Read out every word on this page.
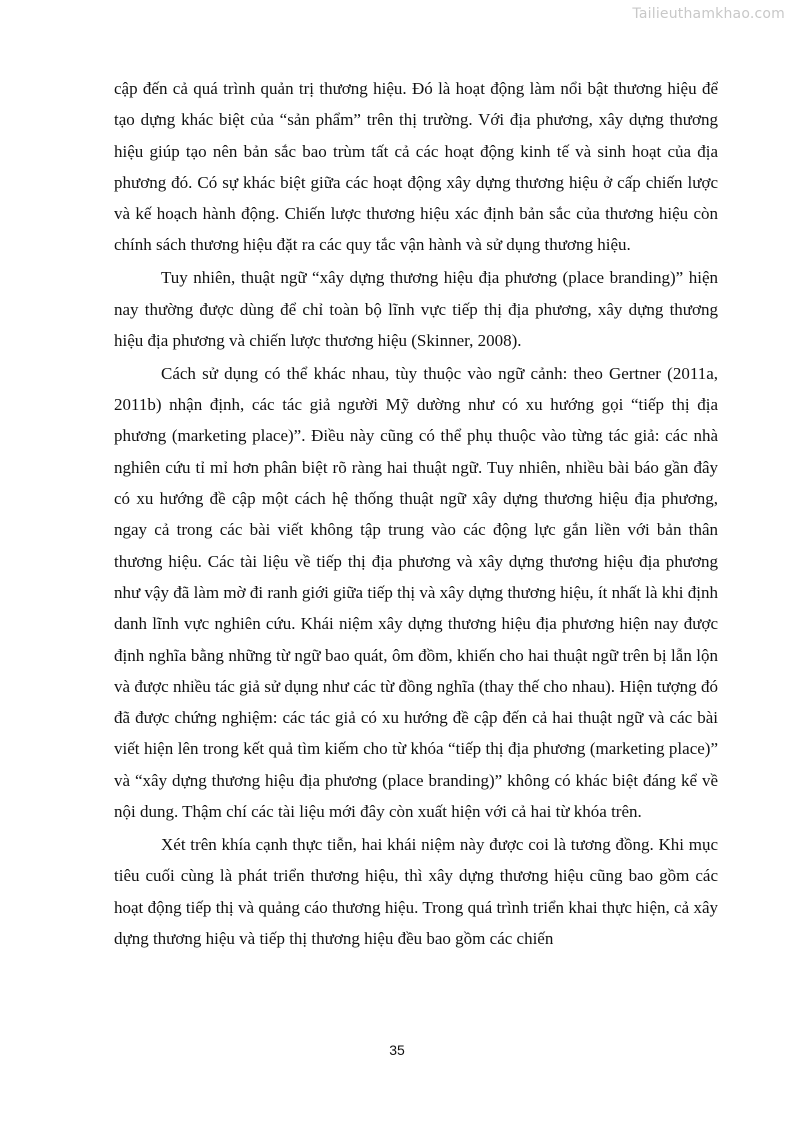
Tailieuthamkhao.com

cập đến cả quá trình quản trị thương hiệu. Đó là hoạt động làm nổi bật thương hiệu để tạo dựng khác biệt của “sản phẩm” trên thị trường. Với địa phương, xây dựng thương hiệu giúp tạo nên bản sắc bao trùm tất cả các hoạt động kinh tế và sinh hoạt của địa phương đó. Có sự khác biệt giữa các hoạt động xây dựng thương hiệu ở cấp chiến lược và kế hoạch hành động. Chiến lược thương hiệu xác định bản sắc của thương hiệu còn chính sách thương hiệu đặt ra các quy tắc vận hành và sử dụng thương hiệu.

Tuy nhiên, thuật ngữ “xây dựng thương hiệu địa phương (place branding)” hiện nay thường được dùng để chỉ toàn bộ lĩnh vực tiếp thị địa phương, xây dựng thương hiệu địa phương và chiến lược thương hiệu (Skinner, 2008).

Cách sử dụng có thể khác nhau, tùy thuộc vào ngữ cảnh: theo Gertner (2011a, 2011b) nhận định, các tác giả người Mỹ dường như có xu hướng gọi “tiếp thị địa phương (marketing place)”. Điều này cũng có thể phụ thuộc vào từng tác giả: các nhà nghiên cứu tỉ mỉ hơn phân biệt rõ ràng hai thuật ngữ. Tuy nhiên, nhiều bài báo gần đây có xu hướng đề cập một cách hệ thống thuật ngữ xây dựng thương hiệu địa phương, ngay cả trong các bài viết không tập trung vào các động lực gắn liền với bản thân thương hiệu. Các tài liệu về tiếp thị địa phương và xây dựng thương hiệu địa phương như vậy đã làm mờ đi ranh giới giữa tiếp thị và xây dựng thương hiệu, ít nhất là khi định danh lĩnh vực nghiên cứu. Khái niệm xây dựng thương hiệu địa phương hiện nay được định nghĩa bằng những từ ngữ bao quát, ôm đồm, khiến cho hai thuật ngữ trên bị lẫn lộn và được nhiều tác giả sử dụng như các từ đồng nghĩa (thay thế cho nhau). Hiện tượng đó đã được chứng nghiệm: các tác giả có xu hướng đề cập đến cả hai thuật ngữ và các bài viết hiện lên trong kết quả tìm kiếm cho từ khóa “tiếp thị địa phương (marketing place)” và “xây dựng thương hiệu địa phương (place branding)” không có khác biệt đáng kể về nội dung. Thậm chí các tài liệu mới đây còn xuất hiện với cả hai từ khóa trên.

Xét trên khía cạnh thực tiễn, hai khái niệm này được coi là tương đồng. Khi mục tiêu cuối cùng là phát triển thương hiệu, thì xây dựng thương hiệu cũng bao gồm các hoạt động tiếp thị và quảng cáo thương hiệu. Trong quá trình triển khai thực hiện, cả xây dựng thương hiệu và tiếp thị thương hiệu đều bao gồm các chiến

35
